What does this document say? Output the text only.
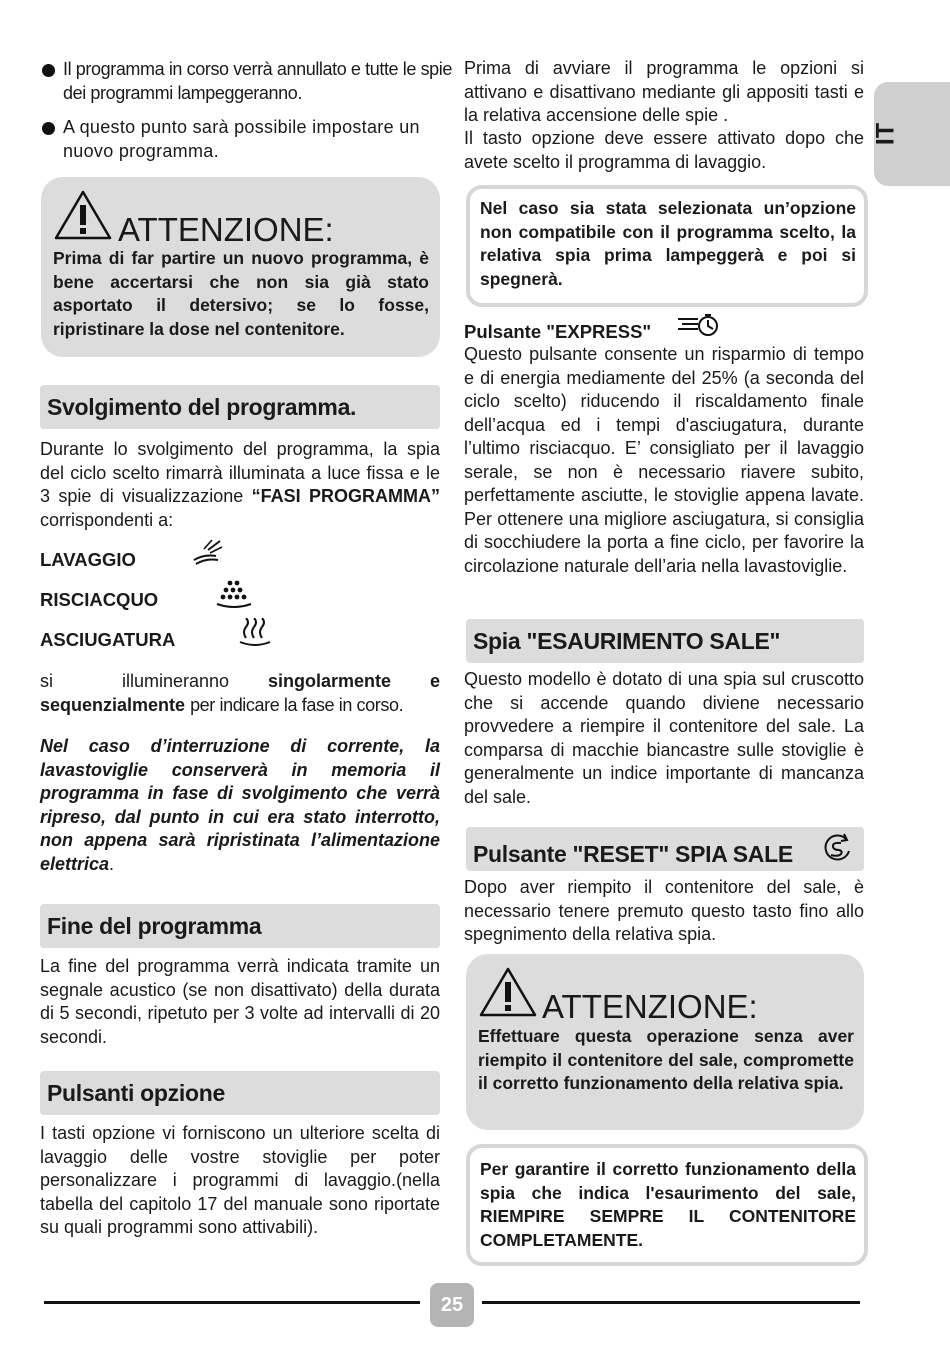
IT
Il programma in corso verrà annullato e tutte le spie dei programmi lampeggeranno.
A questo punto sarà possibile impostare un nuovo programma.
ATTENZIONE:
Prima di far partire un nuovo programma, è bene accertarsi che non sia già stato asportato il detersivo; se lo fosse, ripristinare la dose nel contenitore.
Svolgimento del programma.

Durante lo svolgimento del programma, la spia del ciclo scelto rimarrà illuminata a luce fissa e le 3 spie di visualizzazione “FASI PROGRAMMA” corrispondenti a:

LAVAGGIO
RISCIACQUO
ASCIUGATURA

si illumineranno singolarmente e sequenzialmente per indicare la fase in corso.

Nel caso d’interruzione di corrente, la lavastoviglie conserverà in memoria il programma in fase di svolgimento che verrà ripreso, dal punto in cui era stato interrotto, non appena sarà ripristinata l’alimentazione elettrica.

Fine del programma

La fine del programma verrà indicata tramite un segnale acustico (se non disattivato) della durata di 5 secondi, ripetuto per 3 volte ad intervalli di 20 secondi.

Pulsanti opzione

I tasti opzione vi forniscono un ulteriore scelta di lavaggio delle vostre stoviglie per poter personalizzare i programmi di lavaggio.(nella tabella del capitolo 17 del manuale sono riportate su quali programmi sono attivabili).

Prima di avviare il programma le opzioni si attivano e disattivano mediante gli appositi tasti e la relativa accensione delle spie .

Il tasto opzione deve essere attivato dopo che avete scelto il programma di lavaggio.

Nel caso sia stata selezionata un’opzione non compatibile con il programma scelto, la relativa spia prima lampeggerà e poi si spegnerà.
Pulsante "EXPRESS"

Questo pulsante consente un risparmio di tempo e di energia mediamente del 25% (a seconda del ciclo scelto) riducendo il riscaldamento finale dell’acqua ed i tempi d'asciugatura, durante l’ultimo risciacquo. E’ consigliato per il lavaggio serale, se non è necessario riavere subito, perfettamente asciutte, le stoviglie appena lavate. Per ottenere una migliore asciugatura, si consiglia di socchiudere la porta a fine ciclo, per favorire la circolazione naturale dell’aria nella lavastoviglie.

Spia "ESAURIMENTO SALE"

Questo modello è dotato di una spia sul cruscotto che si accende quando diviene necessario provvedere a riempire il contenitore del sale. La comparsa di macchie biancastre sulle stoviglie è generalmente un indice importante di mancanza del sale.

Pulsante "RESET" SPIA SALE

Dopo aver riempito il contenitore del sale, è necessario tenere premuto questo tasto fino allo spegnimento della relativa spia.

ATTENZIONE:
Effettuare questa operazione senza aver riempito il contenitore del sale, compromette il corretto funzionamento della relativa spia.
Per garantire il corretto funzionamento della spia che indica l'esaurimento del sale, RIEMPIRE SEMPRE IL CONTENITORE COMPLETAMENTE.
25
